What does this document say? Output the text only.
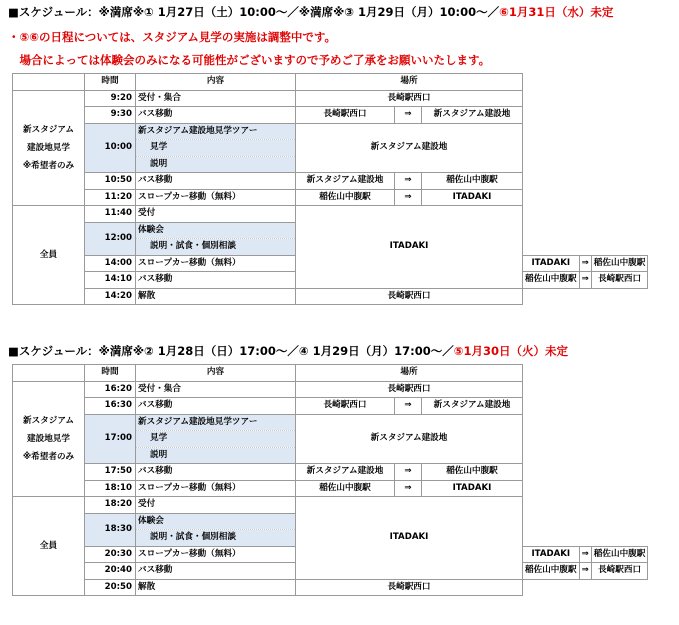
■スケジュール：※満席※① 1月27日（土）10:00～／※満席※③ 1月29日（月）10:00～／⑥1月31日（水）未定
・⑤⑥の日程については、スタジアム見学の実施は調整中です。
　場合によっては体験会のみになる可能性がございますので予めご了承をお願いいたします。
	時間	内容	場所					
新スタジアム
建設地見学
※希望者のみ	9:20	受付・集合	長崎駅西口					
	9:30	バス移動	長崎駅西口	⇒	新スタジアム建設地			
	10:00	新スタジアム建設地見学ツアー	新スタジアム建設地					
		見学						
		説明						
	10:50	バス移動	新スタジアム建設地	⇒	稲佐山中腹駅			
	11:20	スロープカー移動（無料）	稲佐山中腹駅	⇒	ITADAKI			
全員	11:40	受付	ITADAKI					
	12:00	体験会						
		説明・試食・個別相談						
	14:00	スロープカー移動（無料）				ITADAKI	⇒	稲佐山中腹駅
	14:10	バス移動				稲佐山中腹駅	⇒	長崎駅西口
	14:20	解散	長崎駅西口					
■スケジュール：※満席※② 1月28日（日）17:00～／④ 1月29日（月）17:00～／⑤1月30日（火）未定
	時間	内容	場所					
新スタジアム
建設地見学
※希望者のみ	16:20	受付・集合	長崎駅西口					
	16:30	バス移動	長崎駅西口	⇒	新スタジアム建設地			
	17:00	新スタジアム建設地見学ツアー	新スタジアム建設地					
		見学						
		説明						
	17:50	バス移動	新スタジアム建設地	⇒	稲佐山中腹駅			
	18:10	スロープカー移動（無料）	稲佐山中腹駅	⇒	ITADAKI			
全員	18:20	受付	ITADAKI					
	18:30	体験会						
		説明・試食・個別相談						
	20:30	スロープカー移動（無料）				ITADAKI	⇒	稲佐山中腹駅
	20:40	バス移動				稲佐山中腹駅	⇒	長崎駅西口
	20:50	解散	長崎駅西口					
